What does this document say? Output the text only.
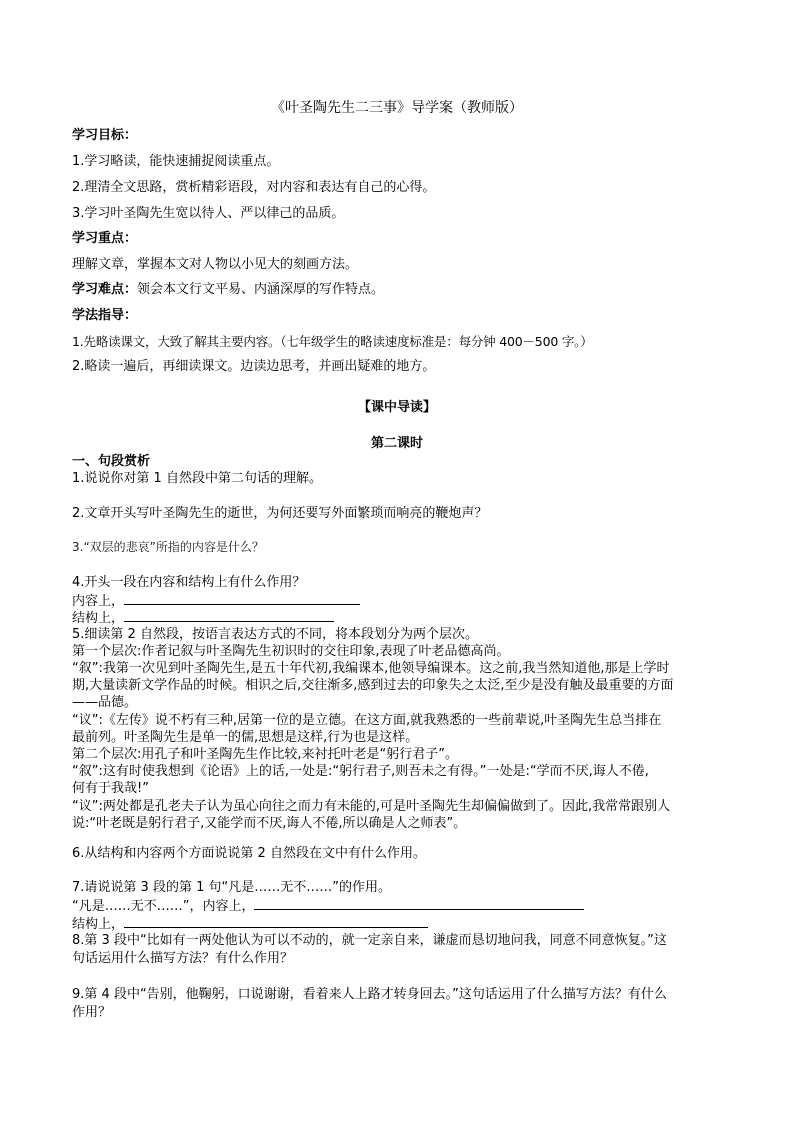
《叶圣陶先生二三事》导学案（教师版）
学习目标：
1.学习略读，能快速捕捉阅读重点。
2.理清全文思路，赏析精彩语段，对内容和表达有自己的心得。
3.学习叶圣陶先生宽以待人、严以律己的品质。
学习重点：
理解文章，掌握本文对人物以小见大的刻画方法。
学习难点：领会本文行文平易、内涵深厚的写作特点。
学法指导：
1.先略读课文，大致了解其主要内容。（七年级学生的略读速度标准是：每分钟 400－500 字。）
2.略读一遍后，再细读课文。边读边思考，并画出疑难的地方。
【课中导读】
第二课时
一、句段赏析
1.说说你对第 1 自然段中第二句话的理解。
2.文章开头写叶圣陶先生的逝世，为何还要写外面繁琐而响亮的鞭炮声？
3.“双层的悲哀”所指的内容是什么？
4.开头一段在内容和结构上有什么作用？
内容上，
结构上，
5.细读第 2 自然段，按语言表达方式的不同，将本段划分为两个层次。
第一个层次:作者记叙与叶圣陶先生初识时的交往印象,表现了叶老品德高尚。
“叙”:我第一次见到叶圣陶先生,是五十年代初,我编课本,他领导编课本。这之前,我当然知道他,那是上学时
期,大量读新文学作品的时候。相识之后,交往渐多,感到过去的印象失之太泛,至少是没有触及最重要的方面
——品德。
“议”:《左传》说不朽有三种,居第一位的是立德。在这方面,就我熟悉的一些前辈说,叶圣陶先生总当排在
最前列。叶圣陶先生是单一的儒,思想是这样,行为也是这样。
第二个层次:用孔子和叶圣陶先生作比较,来衬托叶老是“躬行君子”。
“叙”:这有时使我想到《论语》上的话,一处是:“躬行君子,则吾未之有得。”一处是:“学而不厌,诲人不倦,
何有于我哉!”
“议”:两处都是孔老夫子认为虽心向往之而力有未能的,可是叶圣陶先生却偏偏做到了。因此,我常常跟别人
说:“叶老既是躬行君子,又能学而不厌,诲人不倦,所以确是人之师表”。
6.从结构和内容两个方面说说第 2 自然段在文中有什么作用。
7.请说说第 3 段的第 1 句“凡是……无不……”的作用。
“凡是……无不……”，内容上，
结构上，
8.第 3 段中“比如有一两处他认为可以不动的，就一定亲自来，谦虚而恳切地问我，同意不同意恢复。”这
句话运用什么描写方法？有什么作用？
9.第 4 段中“告别，他鞠躬，口说谢谢，看着来人上路才转身回去。”这句话运用了什么描写方法？有什么
作用？
